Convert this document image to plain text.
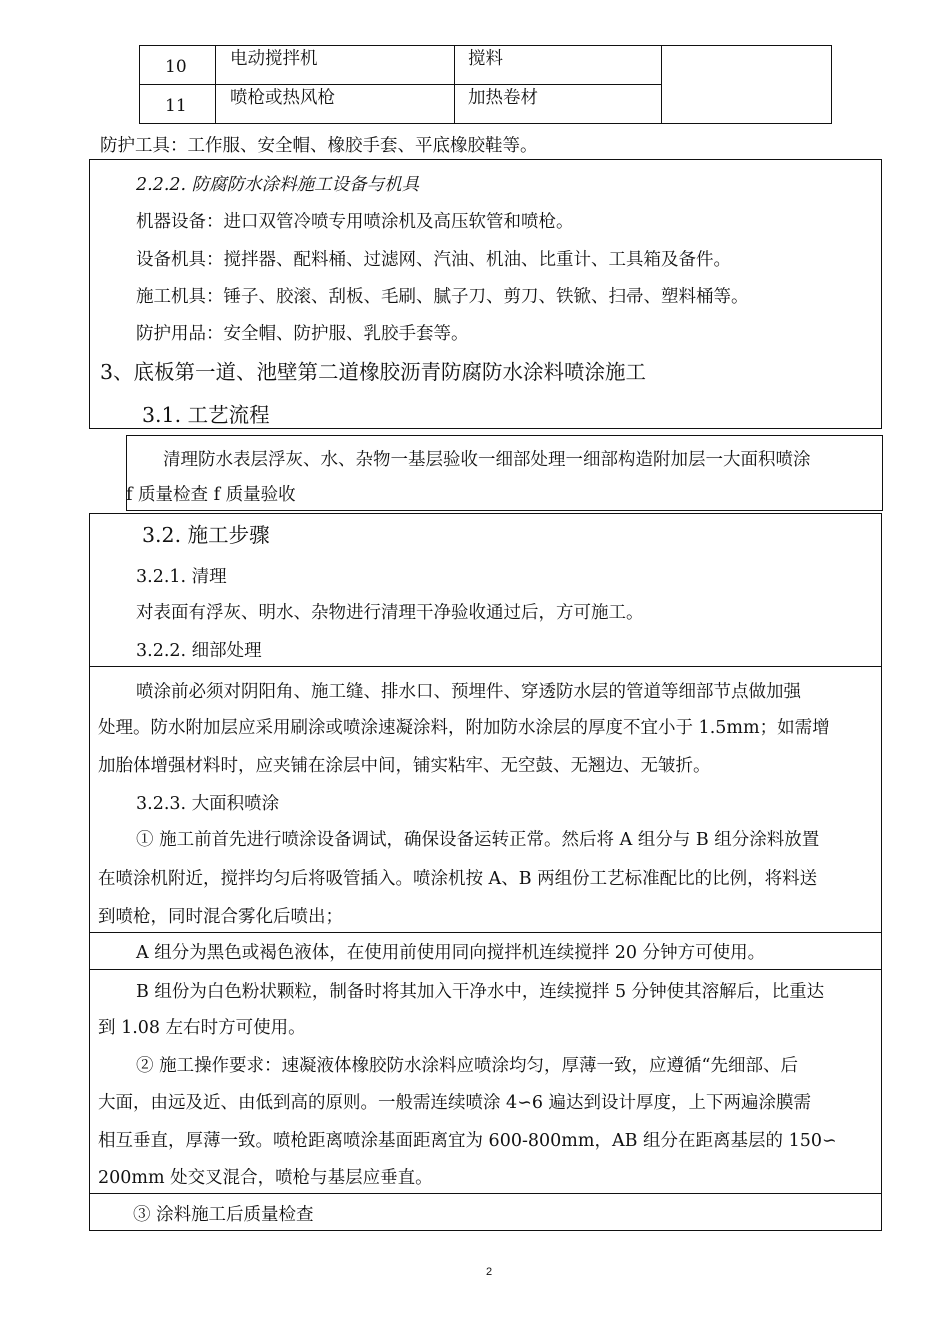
10 电动搅拌机	搅料
11 喷枪或热风枪	加热卷材
防护工具：工作服、安全帽、橡胶手套、平底橡胶鞋等。
2.2.2. 防腐防水涂料施工设备与机具
机器设备：进口双管冷喷专用喷涂机及高压软管和喷枪。
设备机具：搅拌器、配料桶、过滤网、汽油、机油、比重计、工具箱及备件。
施工机具：锤子、胶滚、刮板、毛刷、腻子刀、剪刀、铁锨、扫帚、塑料桶等。
防护用品：安全帽、防护服、乳胶手套等。
3、底板第一道、池壁第二道橡胶沥青防腐防水涂料喷涂施工
3.1. 工艺流程
清理防水表层浮灰、水、杂物一基层验收一细部处理一细部构造附加层一大面积喷涂
f 质量检查 f 质量验收
3.2. 施工步骤
3.2.1. 清理
对表面有浮灰、明水、杂物进行清理干净验收通过后，方可施工。
3.2.2. 细部处理
喷涂前必须对阴阳角、施工缝、排水口、预埋件、穿透防水层的管道等细部节点做加强
处理。防水附加层应采用刷涂或喷涂速凝涂料，附加防水涂层的厚度不宜小于 1.5mm；如需增
加胎体增强材料时，应夹铺在涂层中间，铺实粘牢、无空鼓、无翘边、无皱折。
3.2.3. 大面积喷涂
① 施工前首先进行喷涂设备调试，确保设备运转正常。然后将 A 组分与 B 组分涂料放置
在喷涂机附近，搅拌均匀后将吸管插入。喷涂机按 A、B 两组份工艺标准配比的比例，将料送
到喷枪，同时混合雾化后喷出；
A 组分为黑色或褐色液体，在使用前使用同向搅拌机连续搅拌 20 分钟方可使用。
B 组份为白色粉状颗粒，制备时将其加入干净水中，连续搅拌 5 分钟使其溶解后，比重达
到 1.08 左右时方可使用。
② 施工操作要求：速凝液体橡胶防水涂料应喷涂均匀，厚薄一致，应遵循“先细部、后
大面，由远及近、由低到高的原则。一般需连续喷涂 4∽6 遍达到设计厚度，上下两遍涂膜需
相互垂直，厚薄一致。喷枪距离喷涂基面距离宜为 600-800mm，AB 组分在距离基层的 150∽
200mm 处交叉混合，喷枪与基层应垂直。
③ 涂料施工后质量检查
2
